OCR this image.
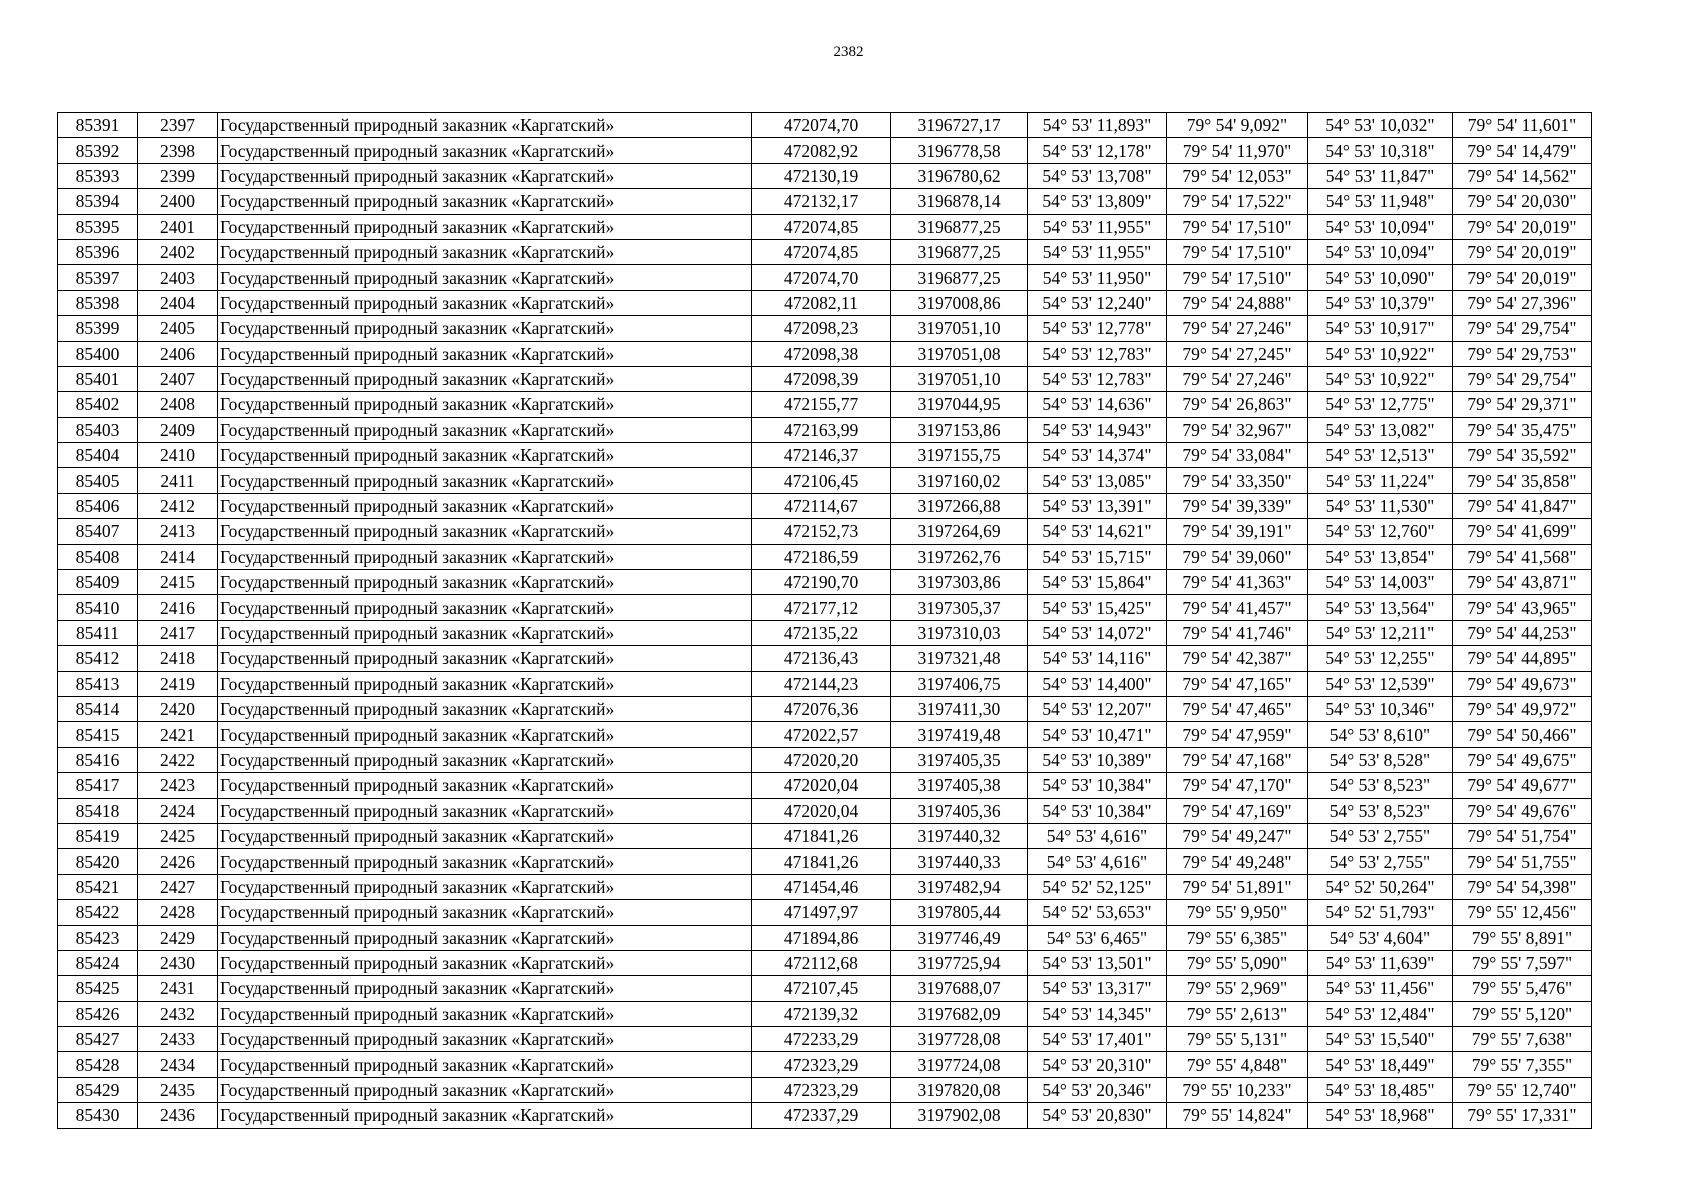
2382
85391	2397	Государственный природный заказник «Каргатский»	472074,70	3196727,17	54° 53' 11,893"	79° 54' 9,092"	54° 53' 10,032"	79° 54' 11,601"
85392	2398	Государственный природный заказник «Каргатский»	472082,92	3196778,58	54° 53' 12,178"	79° 54' 11,970"	54° 53' 10,318"	79° 54' 14,479"
85393	2399	Государственный природный заказник «Каргатский»	472130,19	3196780,62	54° 53' 13,708"	79° 54' 12,053"	54° 53' 11,847"	79° 54' 14,562"
85394	2400	Государственный природный заказник «Каргатский»	472132,17	3196878,14	54° 53' 13,809"	79° 54' 17,522"	54° 53' 11,948"	79° 54' 20,030"
85395	2401	Государственный природный заказник «Каргатский»	472074,85	3196877,25	54° 53' 11,955"	79° 54' 17,510"	54° 53' 10,094"	79° 54' 20,019"
85396	2402	Государственный природный заказник «Каргатский»	472074,85	3196877,25	54° 53' 11,955"	79° 54' 17,510"	54° 53' 10,094"	79° 54' 20,019"
85397	2403	Государственный природный заказник «Каргатский»	472074,70	3196877,25	54° 53' 11,950"	79° 54' 17,510"	54° 53' 10,090"	79° 54' 20,019"
85398	2404	Государственный природный заказник «Каргатский»	472082,11	3197008,86	54° 53' 12,240"	79° 54' 24,888"	54° 53' 10,379"	79° 54' 27,396"
85399	2405	Государственный природный заказник «Каргатский»	472098,23	3197051,10	54° 53' 12,778"	79° 54' 27,246"	54° 53' 10,917"	79° 54' 29,754"
85400	2406	Государственный природный заказник «Каргатский»	472098,38	3197051,08	54° 53' 12,783"	79° 54' 27,245"	54° 53' 10,922"	79° 54' 29,753"
85401	2407	Государственный природный заказник «Каргатский»	472098,39	3197051,10	54° 53' 12,783"	79° 54' 27,246"	54° 53' 10,922"	79° 54' 29,754"
85402	2408	Государственный природный заказник «Каргатский»	472155,77	3197044,95	54° 53' 14,636"	79° 54' 26,863"	54° 53' 12,775"	79° 54' 29,371"
85403	2409	Государственный природный заказник «Каргатский»	472163,99	3197153,86	54° 53' 14,943"	79° 54' 32,967"	54° 53' 13,082"	79° 54' 35,475"
85404	2410	Государственный природный заказник «Каргатский»	472146,37	3197155,75	54° 53' 14,374"	79° 54' 33,084"	54° 53' 12,513"	79° 54' 35,592"
85405	2411	Государственный природный заказник «Каргатский»	472106,45	3197160,02	54° 53' 13,085"	79° 54' 33,350"	54° 53' 11,224"	79° 54' 35,858"
85406	2412	Государственный природный заказник «Каргатский»	472114,67	3197266,88	54° 53' 13,391"	79° 54' 39,339"	54° 53' 11,530"	79° 54' 41,847"
85407	2413	Государственный природный заказник «Каргатский»	472152,73	3197264,69	54° 53' 14,621"	79° 54' 39,191"	54° 53' 12,760"	79° 54' 41,699"
85408	2414	Государственный природный заказник «Каргатский»	472186,59	3197262,76	54° 53' 15,715"	79° 54' 39,060"	54° 53' 13,854"	79° 54' 41,568"
85409	2415	Государственный природный заказник «Каргатский»	472190,70	3197303,86	54° 53' 15,864"	79° 54' 41,363"	54° 53' 14,003"	79° 54' 43,871"
85410	2416	Государственный природный заказник «Каргатский»	472177,12	3197305,37	54° 53' 15,425"	79° 54' 41,457"	54° 53' 13,564"	79° 54' 43,965"
85411	2417	Государственный природный заказник «Каргатский»	472135,22	3197310,03	54° 53' 14,072"	79° 54' 41,746"	54° 53' 12,211"	79° 54' 44,253"
85412	2418	Государственный природный заказник «Каргатский»	472136,43	3197321,48	54° 53' 14,116"	79° 54' 42,387"	54° 53' 12,255"	79° 54' 44,895"
85413	2419	Государственный природный заказник «Каргатский»	472144,23	3197406,75	54° 53' 14,400"	79° 54' 47,165"	54° 53' 12,539"	79° 54' 49,673"
85414	2420	Государственный природный заказник «Каргатский»	472076,36	3197411,30	54° 53' 12,207"	79° 54' 47,465"	54° 53' 10,346"	79° 54' 49,972"
85415	2421	Государственный природный заказник «Каргатский»	472022,57	3197419,48	54° 53' 10,471"	79° 54' 47,959"	54° 53' 8,610"	79° 54' 50,466"
85416	2422	Государственный природный заказник «Каргатский»	472020,20	3197405,35	54° 53' 10,389"	79° 54' 47,168"	54° 53' 8,528"	79° 54' 49,675"
85417	2423	Государственный природный заказник «Каргатский»	472020,04	3197405,38	54° 53' 10,384"	79° 54' 47,170"	54° 53' 8,523"	79° 54' 49,677"
85418	2424	Государственный природный заказник «Каргатский»	472020,04	3197405,36	54° 53' 10,384"	79° 54' 47,169"	54° 53' 8,523"	79° 54' 49,676"
85419	2425	Государственный природный заказник «Каргатский»	471841,26	3197440,32	54° 53' 4,616"	79° 54' 49,247"	54° 53' 2,755"	79° 54' 51,754"
85420	2426	Государственный природный заказник «Каргатский»	471841,26	3197440,33	54° 53' 4,616"	79° 54' 49,248"	54° 53' 2,755"	79° 54' 51,755"
85421	2427	Государственный природный заказник «Каргатский»	471454,46	3197482,94	54° 52' 52,125"	79° 54' 51,891"	54° 52' 50,264"	79° 54' 54,398"
85422	2428	Государственный природный заказник «Каргатский»	471497,97	3197805,44	54° 52' 53,653"	79° 55' 9,950"	54° 52' 51,793"	79° 55' 12,456"
85423	2429	Государственный природный заказник «Каргатский»	471894,86	3197746,49	54° 53' 6,465"	79° 55' 6,385"	54° 53' 4,604"	79° 55' 8,891"
85424	2430	Государственный природный заказник «Каргатский»	472112,68	3197725,94	54° 53' 13,501"	79° 55' 5,090"	54° 53' 11,639"	79° 55' 7,597"
85425	2431	Государственный природный заказник «Каргатский»	472107,45	3197688,07	54° 53' 13,317"	79° 55' 2,969"	54° 53' 11,456"	79° 55' 5,476"
85426	2432	Государственный природный заказник «Каргатский»	472139,32	3197682,09	54° 53' 14,345"	79° 55' 2,613"	54° 53' 12,484"	79° 55' 5,120"
85427	2433	Государственный природный заказник «Каргатский»	472233,29	3197728,08	54° 53' 17,401"	79° 55' 5,131"	54° 53' 15,540"	79° 55' 7,638"
85428	2434	Государственный природный заказник «Каргатский»	472323,29	3197724,08	54° 53' 20,310"	79° 55' 4,848"	54° 53' 18,449"	79° 55' 7,355"
85429	2435	Государственный природный заказник «Каргатский»	472323,29	3197820,08	54° 53' 20,346"	79° 55' 10,233"	54° 53' 18,485"	79° 55' 12,740"
85430	2436	Государственный природный заказник «Каргатский»	472337,29	3197902,08	54° 53' 20,830"	79° 55' 14,824"	54° 53' 18,968"	79° 55' 17,331"
